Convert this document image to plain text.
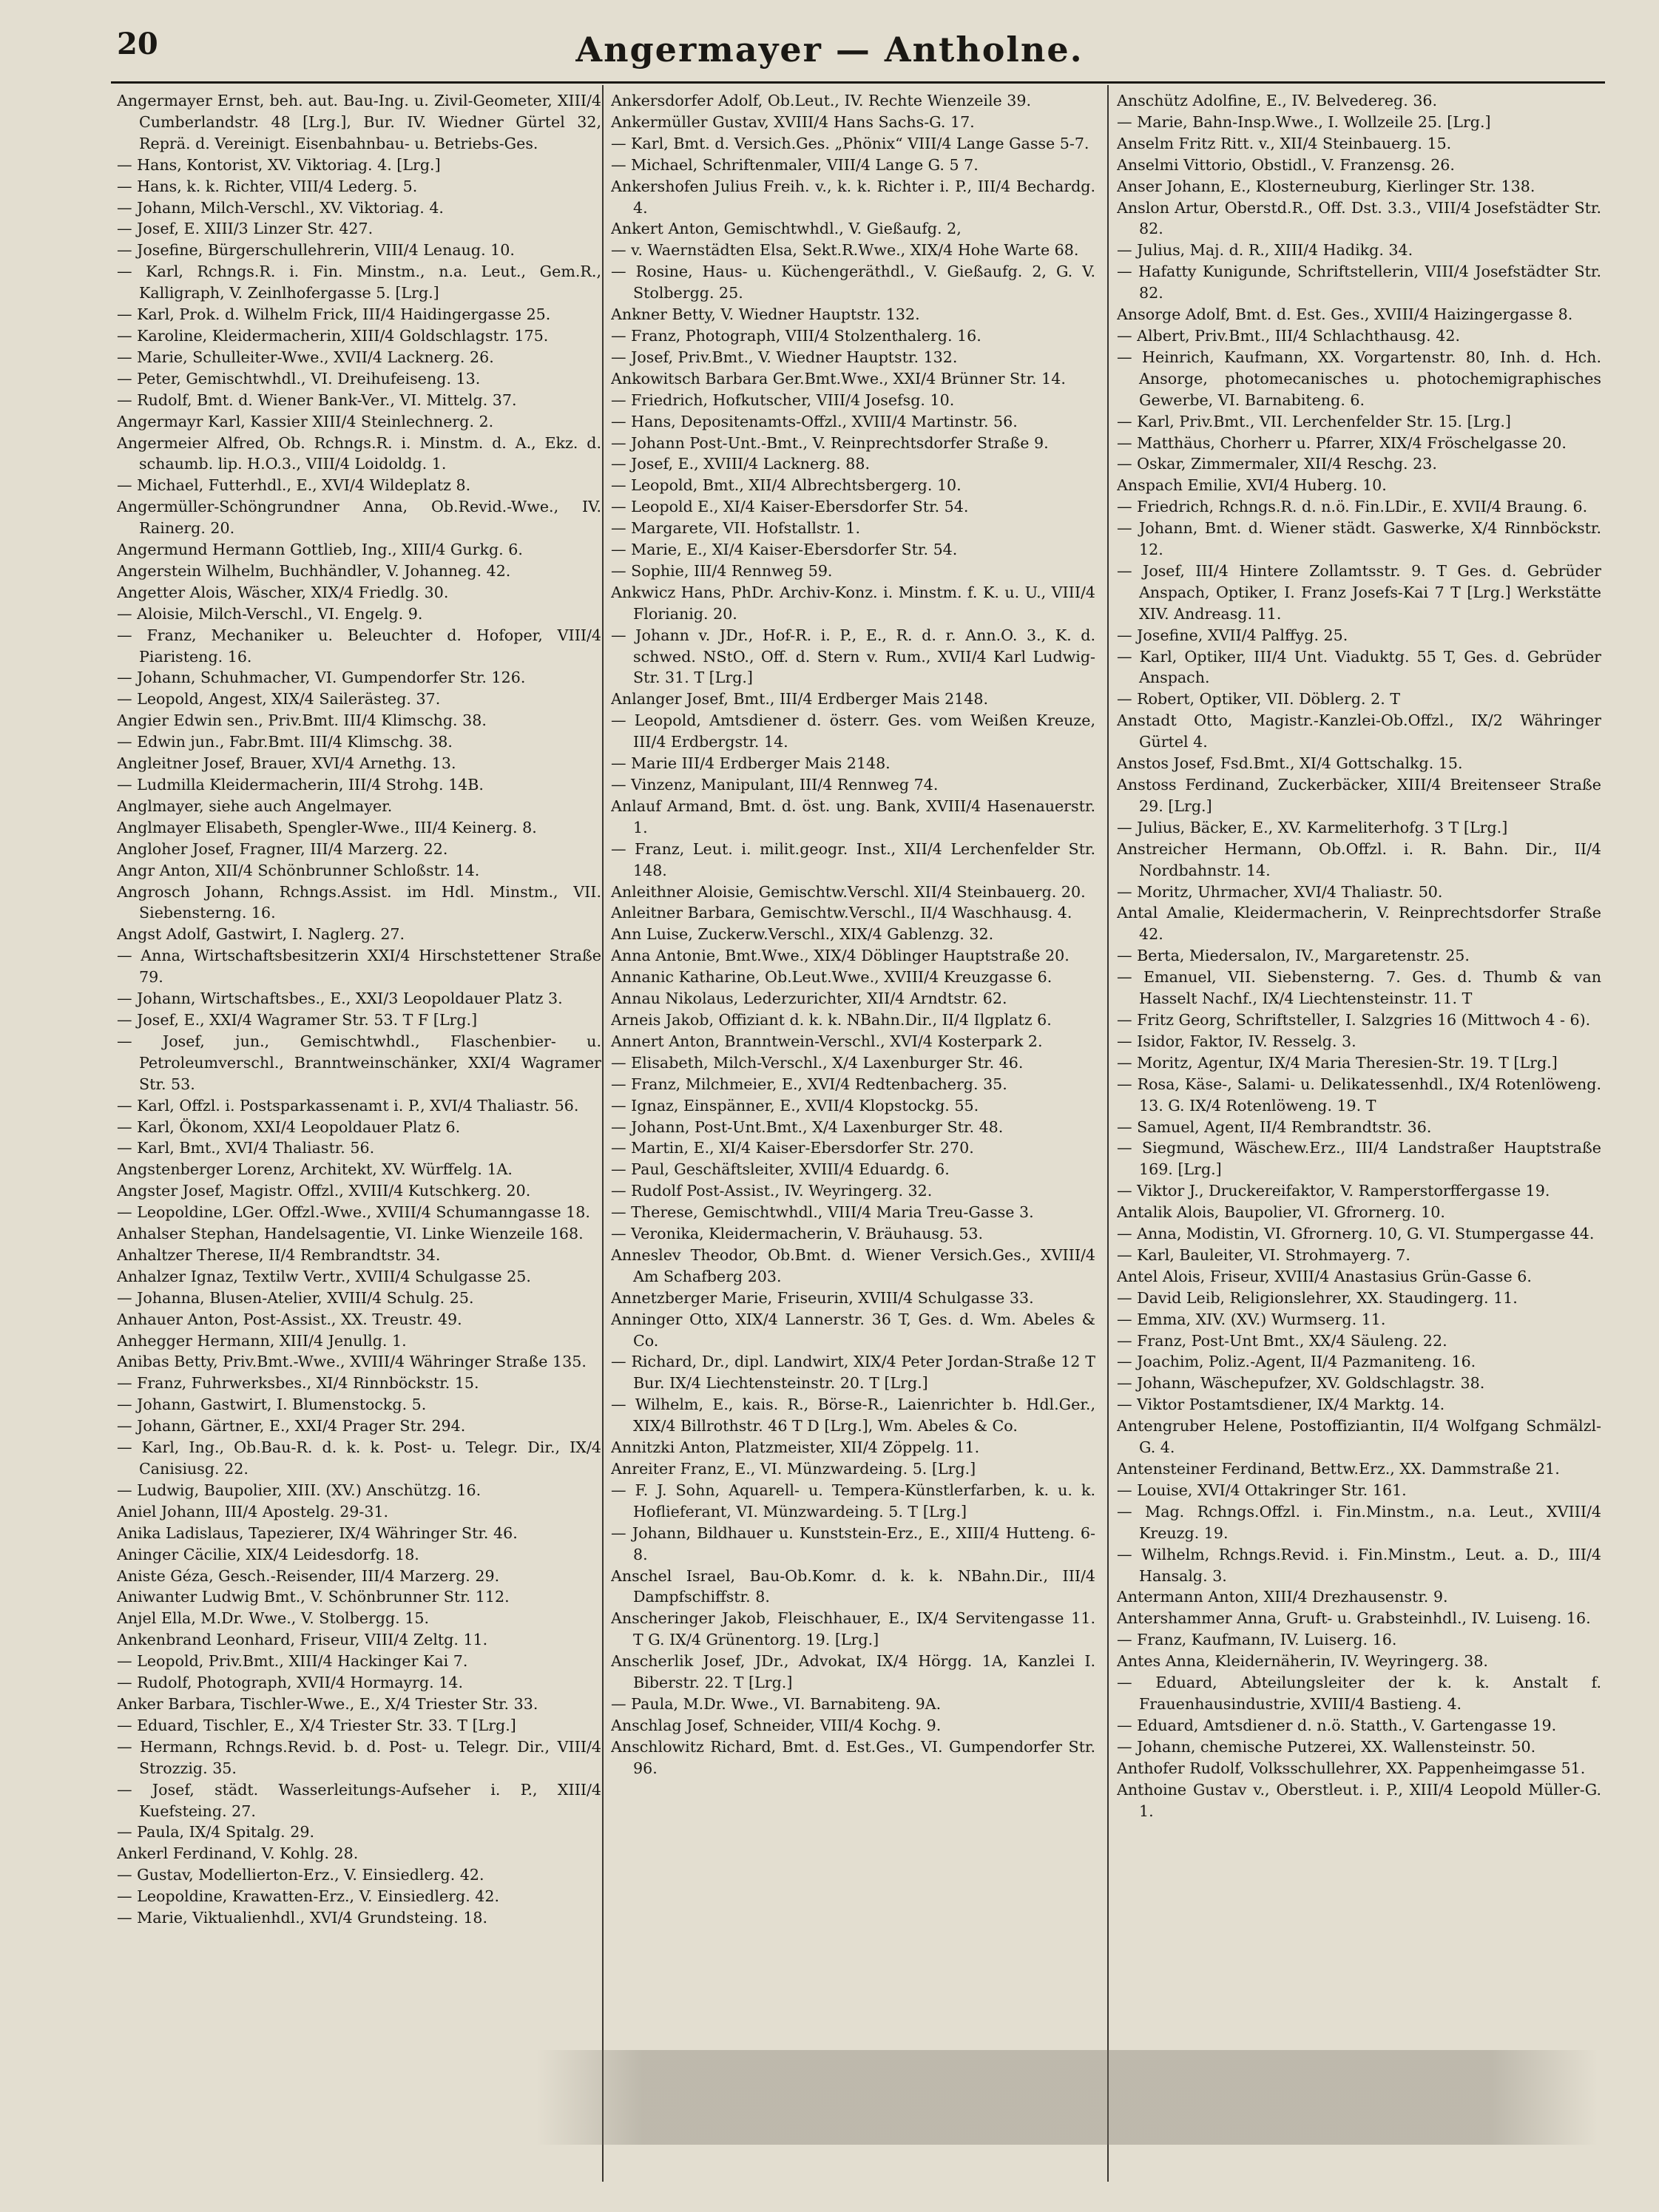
20	Angermayer — Antholne.

Angermayer Ernst, beh. aut. Bau-Ing. u. Zivil-Geometer, XIII/4 Cumberlandstr. 48 [Lrg.], Bur. IV. Wiedner Gürtel 32, Reprä. d. Vereinigt. Eisenbahnbau- u. Betriebs-Ges.

— Hans, Kontorist, XV. Viktoriag. 4. [Lrg.]

— Hans, k. k. Richter, VIII/4 Lederg. 5.

— Johann, Milch-Verschl., XV. Viktoriag. 4.

— Josef, E. XIII/3 Linzer Str. 427.

— Josefine, Bürgerschullehrerin, VIII/4 Lenaug. 10.

— Karl, Rchngs.R. i. Fin. Minstm., n.a. Leut., Gem.R., Kalligraph, V. Zeinlhofergasse 5. [Lrg.]

— Karl, Prok. d. Wilhelm Frick, III/4 Haidingergasse 25.

— Karoline, Kleidermacherin, XIII/4 Goldschlagstr. 175.

— Marie, Schulleiter-Wwe., XVII/4 Lacknerg. 26.

— Peter, Gemischtwhdl., VI. Dreihufeiseng. 13.

— Rudolf, Bmt. d. Wiener Bank-Ver., VI. Mittelg. 37.

Angermayr Karl, Kassier XIII/4 Steinlechnerg. 2.

Angermeier Alfred, Ob. Rchngs.R. i. Minstm. d. A., Ekz. d. schaumb. lip. H.O.3., VIII/4 Loidoldg. 1.

— Michael, Futterhdl., E., XVI/4 Wildeplatz 8.

Angermüller-Schöngrundner Anna, Ob.Revid.-Wwe., IV. Rainerg. 20.

Angermund Hermann Gottlieb, Ing., XIII/4 Gurkg. 6.

Angerstein Wilhelm, Buchhändler, V. Johanneg. 42.

Angetter Alois, Wäscher, XIX/4 Friedlg. 30.

— Aloisie, Milch-Verschl., VI. Engelg. 9.

— Franz, Mechaniker u. Beleuchter d. Hofoper, VIII/4 Piaristeng. 16.

— Johann, Schuhmacher, VI. Gumpendorfer Str. 126.

— Leopold, Angest, XIX/4 Sailerästeg. 37.

Angier Edwin sen., Priv.Bmt. III/4 Klimschg. 38.

— Edwin jun., Fabr.Bmt. III/4 Klimschg. 38.

Angleitner Josef, Brauer, XVI/4 Arnethg. 13.

— Ludmilla Kleidermacherin, III/4 Strohg. 14B.

Anglmayer, siehe auch Angelmayer.

Anglmayer Elisabeth, Spengler-Wwe., III/4 Keinerg. 8.

Angloher Josef, Fragner, III/4 Marzerg. 22.

Angr Anton, XII/4 Schönbrunner Schloßstr. 14.

Angrosch Johann, Rchngs.Assist. im Hdl. Minstm., VII. Siebensterng. 16.

Angst Adolf, Gastwirt, I. Naglerg. 27.

— Anna, Wirtschaftsbesitzerin XXI/4 Hirschstettener Straße 79.

— Johann, Wirtschaftsbes., E., XXI/3 Leopoldauer Platz 3.

— Josef, E., XXI/4 Wagramer Str. 53. T F [Lrg.]

— Josef, jun., Gemischtwhdl., Flaschenbier- u. Petroleumverschl., Branntweinschänker, XXI/4 Wagramer Str. 53.

— Karl, Offzl. i. Postsparkassenamt i. P., XVI/4 Thaliastr. 56.

— Karl, Ökonom, XXI/4 Leopoldauer Platz 6.

— Karl, Bmt., XVI/4 Thaliastr. 56.

Angstenberger Lorenz, Architekt, XV. Würffelg. 1A.

Angster Josef, Magistr. Offzl., XVIII/4 Kutschkerg. 20.

— Leopoldine, LGer. Offzl.-Wwe., XVIII/4 Schumanngasse 18.

Anhalser Stephan, Handelsagentie, VI. Linke Wienzeile 168.

Anhaltzer Therese, II/4 Rembrandtstr. 34.

Anhalzer Ignaz, Textilw Vertr., XVIII/4 Schulgasse 25.

— Johanna, Blusen-Atelier, XVIII/4 Schulg. 25.

Anhauer Anton, Post-Assist., XX. Treustr. 49.

Anhegger Hermann, XIII/4 Jenullg. 1.

Anibas Betty, Priv.Bmt.-Wwe., XVIII/4 Währinger Straße 135.

— Franz, Fuhrwerksbes., XI/4 Rinnböckstr. 15.

— Johann, Gastwirt, I. Blumenstockg. 5.

— Johann, Gärtner, E., XXI/4 Prager Str. 294.

— Karl, Ing., Ob.Bau-R. d. k. k. Post- u. Telegr. Dir., IX/4 Canisiusg. 22.

— Ludwig, Baupolier, XIII. (XV.) Anschützg. 16.

Aniel Johann, III/4 Apostelg. 29-31.

Anika Ladislaus, Tapezierer, IX/4 Währinger Str. 46.

Aninger Cäcilie, XIX/4 Leidesdorfg. 18.

Aniste Géza, Gesch.-Reisender, III/4 Marzerg. 29.

Aniwanter Ludwig Bmt., V. Schönbrunner Str. 112.

Anjel Ella, M.Dr. Wwe., V. Stolbergg. 15.

Ankenbrand Leonhard, Friseur, VIII/4 Zeltg. 11.

— Leopold, Priv.Bmt., XIII/4 Hackinger Kai 7.

— Rudolf, Photograph, XVII/4 Hormayrg. 14.

Anker Barbara, Tischler-Wwe., E., X/4 Triester Str. 33.

— Eduard, Tischler, E., X/4 Triester Str. 33. T [Lrg.]

— Hermann, Rchngs.Revid. b. d. Post- u. Telegr. Dir., VIII/4 Strozzig. 35.

— Josef, städt. Wasserleitungs-Aufseher i. P., XIII/4 Kuefsteing. 27.

— Paula, IX/4 Spitalg. 29.

Ankerl Ferdinand, V. Kohlg. 28.

— Gustav, Modellierton-Erz., V. Einsiedlerg. 42.

— Leopoldine, Krawatten-Erz., V. Einsiedlerg. 42.

— Marie, Viktualienhdl., XVI/4 Grundsteing. 18.

Ankersdorfer Adolf, Ob.Leut., IV. Rechte Wienzeile 39.

Ankermüller Gustav, XVIII/4 Hans Sachs-G. 17.

— Karl, Bmt. d. Versich.Ges. „Phönix“ VIII/4 Lange Gasse 5-7.

— Michael, Schriftenmaler, VIII/4 Lange G. 5 7.

Ankershofen Julius Freih. v., k. k. Richter i. P., III/4 Bechardg. 4.

Ankert Anton, Gemischtwhdl., V. Gießaufg. 2,

— v. Waernstädten Elsa, Sekt.R.Wwe., XIX/4 Hohe Warte 68.

— Rosine, Haus- u. Küchengeräthdl., V. Gießaufg. 2, G. V. Stolbergg. 25.

Ankner Betty, V. Wiedner Hauptstr. 132.

— Franz, Photograph, VIII/4 Stolzenthalerg. 16.

— Josef, Priv.Bmt., V. Wiedner Hauptstr. 132.

Ankowitsch Barbara Ger.Bmt.Wwe., XXI/4 Brünner Str. 14.

— Friedrich, Hofkutscher, VIII/4 Josefsg. 10.

— Hans, Depositenamts-Offzl., XVIII/4 Martinstr. 56.

— Johann Post-Unt.-Bmt., V. Reinprechtsdorfer Straße 9.

— Josef, E., XVIII/4 Lacknerg. 88.

— Leopold, Bmt., XII/4 Albrechtsbergerg. 10.

— Leopold E., XI/4 Kaiser-Ebersdorfer Str. 54.

— Margarete, VII. Hofstallstr. 1.

— Marie, E., XI/4 Kaiser-Ebersdorfer Str. 54.

— Sophie, III/4 Rennweg 59.

Ankwicz Hans, PhDr. Archiv-Konz. i. Minstm. f. K. u. U., VIII/4 Florianig. 20.

— Johann v. JDr., Hof-R. i. P., E., R. d. r. Ann.O. 3., K. d. schwed. NStO., Off. d. Stern v. Rum., XVII/4 Karl Ludwig-Str. 31. T [Lrg.]

Anlanger Josef, Bmt., III/4 Erdberger Mais 2148.

— Leopold, Amtsdiener d. österr. Ges. vom Weißen Kreuze, III/4 Erdbergstr. 14.

— Marie III/4 Erdberger Mais 2148.

— Vinzenz, Manipulant, III/4 Rennweg 74.

Anlauf Armand, Bmt. d. öst. ung. Bank, XVIII/4 Hasenauerstr. 1.

— Franz, Leut. i. milit.geogr. Inst., XII/4 Lerchenfelder Str. 148.

Anleithner Aloisie, Gemischtw.Verschl. XII/4 Steinbauerg. 20.

Anleitner Barbara, Gemischtw.Verschl., II/4 Waschhausg. 4.

Ann Luise, Zuckerw.Verschl., XIX/4 Gablenzg. 32.

Anna Antonie, Bmt.Wwe., XIX/4 Döblinger Hauptstraße 20.

Annanic Katharine, Ob.Leut.Wwe., XVIII/4 Kreuzgasse 6.

Annau Nikolaus, Lederzurichter, XII/4 Arndtstr. 62.

Arneis Jakob, Offiziant d. k. k. NBahn.Dir., II/4 Ilgplatz 6.

Annert Anton, Branntwein-Verschl., XVI/4 Kosterpark 2.

— Elisabeth, Milch-Verschl., X/4 Laxenburger Str. 46.

— Franz, Milchmeier, E., XVI/4 Redtenbacherg. 35.

— Ignaz, Einspänner, E., XVII/4 Klopstockg. 55.

— Johann, Post-Unt.Bmt., X/4 Laxenburger Str. 48.

— Martin, E., XI/4 Kaiser-Ebersdorfer Str. 270.

— Paul, Geschäftsleiter, XVIII/4 Eduardg. 6.

— Rudolf Post-Assist., IV. Weyringerg. 32.

— Therese, Gemischtwhdl., VIII/4 Maria Treu-Gasse 3.

— Veronika, Kleidermacherin, V. Bräuhausg. 53.

Anneslev Theodor, Ob.Bmt. d. Wiener Versich.Ges., XVIII/4 Am Schafberg 203.

Annetzberger Marie, Friseurin, XVIII/4 Schulgasse 33.

Anninger Otto, XIX/4 Lannerstr. 36 T, Ges. d. Wm. Abeles & Co.

— Richard, Dr., dipl. Landwirt, XIX/4 Peter Jordan-Straße 12 T Bur. IX/4 Liechtensteinstr. 20. T [Lrg.]

— Wilhelm, E., kais. R., Börse-R., Laienrichter b. Hdl.Ger., XIX/4 Billrothstr. 46 T D [Lrg.], Wm. Abeles & Co.

Annitzki Anton, Platzmeister, XII/4 Zöppelg. 11.

Anreiter Franz, E., VI. Münzwardeing. 5. [Lrg.]

— F. J. Sohn, Aquarell- u. Tempera-Künstlerfarben, k. u. k. Hoflieferant, VI. Münzwardeing. 5. T [Lrg.]

— Johann, Bildhauer u. Kunststein-Erz., E., XIII/4 Hutteng. 6-8.

Anschel Israel, Bau-Ob.Komr. d. k. k. NBahn.Dir., III/4 Dampfschiffstr. 8.

Anscheringer Jakob, Fleischhauer, E., IX/4 Servitengasse 11. T G. IX/4 Grünentorg. 19. [Lrg.]

Anscherlik Josef, JDr., Advokat, IX/4 Hörgg. 1A, Kanzlei I. Biberstr. 22. T [Lrg.]

— Paula, M.Dr. Wwe., VI. Barnabiteng. 9A.

Anschlag Josef, Schneider, VIII/4 Kochg. 9.

Anschlowitz Richard, Bmt. d. Est.Ges., VI. Gumpendorfer Str. 96.

Anschütz Adolfine, E., IV. Belvedereg. 36.

— Marie, Bahn-Insp.Wwe., I. Wollzeile 25. [Lrg.]

Anselm Fritz Ritt. v., XII/4 Steinbauerg. 15.

Anselmi Vittorio, Obstidl., V. Franzensg. 26.

Anser Johann, E., Klosterneuburg, Kierlinger Str. 138.

Anslon Artur, Oberstd.R., Off. Dst. 3.3., VIII/4 Josefstädter Str. 82.

— Julius, Maj. d. R., XIII/4 Hadikg. 34.

— Hafatty Kunigunde, Schriftstellerin, VIII/4 Josefstädter Str. 82.

Ansorge Adolf, Bmt. d. Est. Ges., XVIII/4 Haizingergasse 8.

— Albert, Priv.Bmt., III/4 Schlachthausg. 42.

— Heinrich, Kaufmann, XX. Vorgartenstr. 80, Inh. d. Hch. Ansorge, photomecanisches u. photochemigraphisches Gewerbe, VI. Barnabiteng. 6.

— Karl, Priv.Bmt., VII. Lerchenfelder Str. 15. [Lrg.]

— Matthäus, Chorherr u. Pfarrer, XIX/4 Fröschelgasse 20.

— Oskar, Zimmermaler, XII/4 Reschg. 23.

Anspach Emilie, XVI/4 Huberg. 10.

— Friedrich, Rchngs.R. d. n.ö. Fin.LDir., E. XVII/4 Braung. 6.

— Johann, Bmt. d. Wiener städt. Gaswerke, X/4 Rinnböckstr. 12.

— Josef, III/4 Hintere Zollamtsstr. 9. T Ges. d. Gebrüder Anspach, Optiker, I. Franz Josefs-Kai 7 T [Lrg.] Werkstätte XIV. Andreasg. 11.

— Josefine, XVII/4 Palffyg. 25.

— Karl, Optiker, III/4 Unt. Viaduktg. 55 T, Ges. d. Gebrüder Anspach.

— Robert, Optiker, VII. Döblerg. 2. T

Anstadt Otto, Magistr.-Kanzlei-Ob.Offzl., IX/2 Währinger Gürtel 4.

Anstos Josef, Fsd.Bmt., XI/4 Gottschalkg. 15.

Anstoss Ferdinand, Zuckerbäcker, XIII/4 Breitenseer Straße 29. [Lrg.]

— Julius, Bäcker, E., XV. Karmeliterhofg. 3 T [Lrg.]

Anstreicher Hermann, Ob.Offzl. i. R. Bahn. Dir., II/4 Nordbahnstr. 14.

— Moritz, Uhrmacher, XVI/4 Thaliastr. 50.

Antal Amalie, Kleidermacherin, V. Reinprechtsdorfer Straße 42.

— Berta, Miedersalon, IV., Margaretenstr. 25.

— Emanuel, VII. Siebensterng. 7. Ges. d. Thumb & van Hasselt Nachf., IX/4 Liechtensteinstr. 11. T

— Fritz Georg, Schriftsteller, I. Salzgries 16 (Mittwoch 4 - 6).

— Isidor, Faktor, IV. Resselg. 3.

— Moritz, Agentur, IX/4 Maria Theresien-Str. 19. T [Lrg.]

— Rosa, Käse-, Salami- u. Delikatessenhdl., IX/4 Rotenlöweng. 13. G. IX/4 Rotenlöweng. 19. T

— Samuel, Agent, II/4 Rembrandtstr. 36.

— Siegmund, Wäschew.Erz., III/4 Landstraßer Hauptstraße 169. [Lrg.]

— Viktor J., Druckereifaktor, V. Ramperstorffergasse 19.

Antalik Alois, Baupolier, VI. Gfrornerg. 10.

— Anna, Modistin, VI. Gfrornerg. 10, G. VI. Stumpergasse 44.

— Karl, Bauleiter, VI. Strohmayerg. 7.

Antel Alois, Friseur, XVIII/4 Anastasius Grün-Gasse 6.

— David Leib, Religionslehrer, XX. Staudingerg. 11.

— Emma, XIV. (XV.) Wurmserg. 11.

— Franz, Post-Unt Bmt., XX/4 Säuleng. 22.

— Joachim, Poliz.-Agent, II/4 Pazmaniteng. 16.

— Johann, Wäschepufzer, XV. Goldschlagstr. 38.

— Viktor Postamtsdiener, IX/4 Marktg. 14.

Antengruber Helene, Postoffiziantin, II/4 Wolfgang Schmälzl-G. 4.

Antensteiner Ferdinand, Bettw.Erz., XX. Dammstraße 21.

— Louise, XVI/4 Ottakringer Str. 161.

— Mag. Rchngs.Offzl. i. Fin.Minstm., n.a. Leut., XVIII/4 Kreuzg. 19.

— Wilhelm, Rchngs.Revid. i. Fin.Minstm., Leut. a. D., III/4 Hansalg. 3.

Antermann Anton, XIII/4 Drezhausenstr. 9.

Antershammer Anna, Gruft- u. Grabsteinhdl., IV. Luiseng. 16.

— Franz, Kaufmann, IV. Luiserg. 16.

Antes Anna, Kleidernäherin, IV. Weyringerg. 38.

— Eduard, Abteilungsleiter der k. k. Anstalt f. Frauenhausindustrie, XVIII/4 Bastieng. 4.

— Eduard, Amtsdiener d. n.ö. Statth., V. Gartengasse 19.

— Johann, chemische Putzerei, XX. Wallensteinstr. 50.

Anthofer Rudolf, Volksschullehrer, XX. Pappenheimgasse 51.

Anthoine Gustav v., Oberstleut. i. P., XIII/4 Leopold Müller-G. 1.
